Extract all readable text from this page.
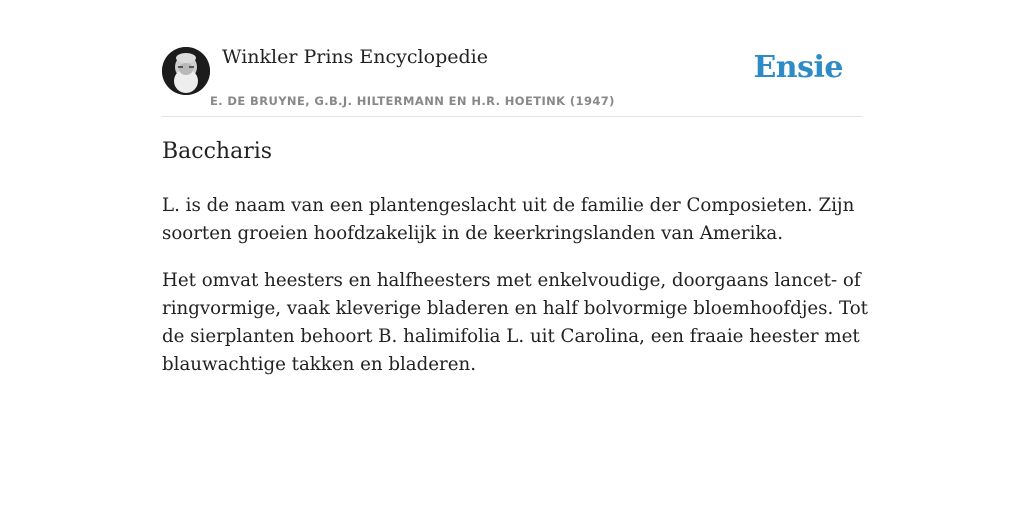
Winkler Prins Encyclopedie
E. DE BRUYNE, G.B.J. HILTERMANN EN H.R. HOETINK (1947)
Ensie
Baccharis

L. is de naam van een plantengeslacht uit de familie der Composieten. Zijn soorten groeien hoofdzakelijk in de keerkringslanden van Amerika.

Het omvat heesters en halfheesters met enkelvoudige, doorgaans lancet- of ringvormige, vaak kleverige bladeren en half bolvormige bloemhoofdjes. Tot de sierplanten behoort B. halimifolia L. uit Carolina, een fraaie heester met blauwachtige takken en bladeren.
